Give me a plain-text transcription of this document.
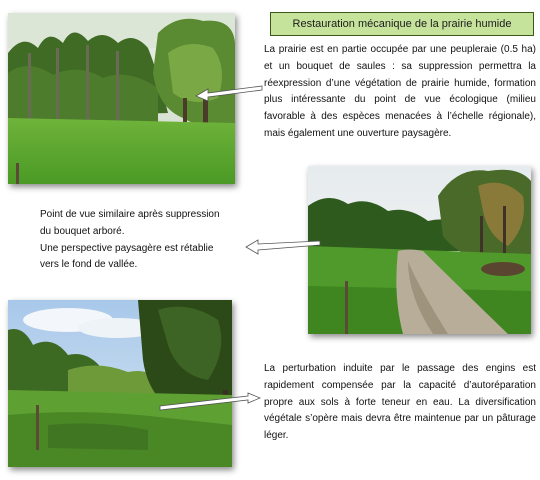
Restauration mécanique de la prairie humide
La prairie est en partie occupée par une peupleraie (0.5 ha) et un bouquet de saules : sa suppression permettra la réexpression d’une végétation de prairie humide, formation plus intéressante du point de vue écologique (milieu favorable à des espèces menacées à l’échelle régionale), mais également une ouverture paysagère.
Point de vue similaire après suppression
du bouquet arboré.
Une perspective paysagère est rétablie
vers le fond de vallée.
La perturbation induite par le passage des engins est rapidement compensée par la capacité d’autoréparation propre aux sols à forte teneur en eau. La diversification végétale s’opère mais devra être maintenue par un pâturage léger.
